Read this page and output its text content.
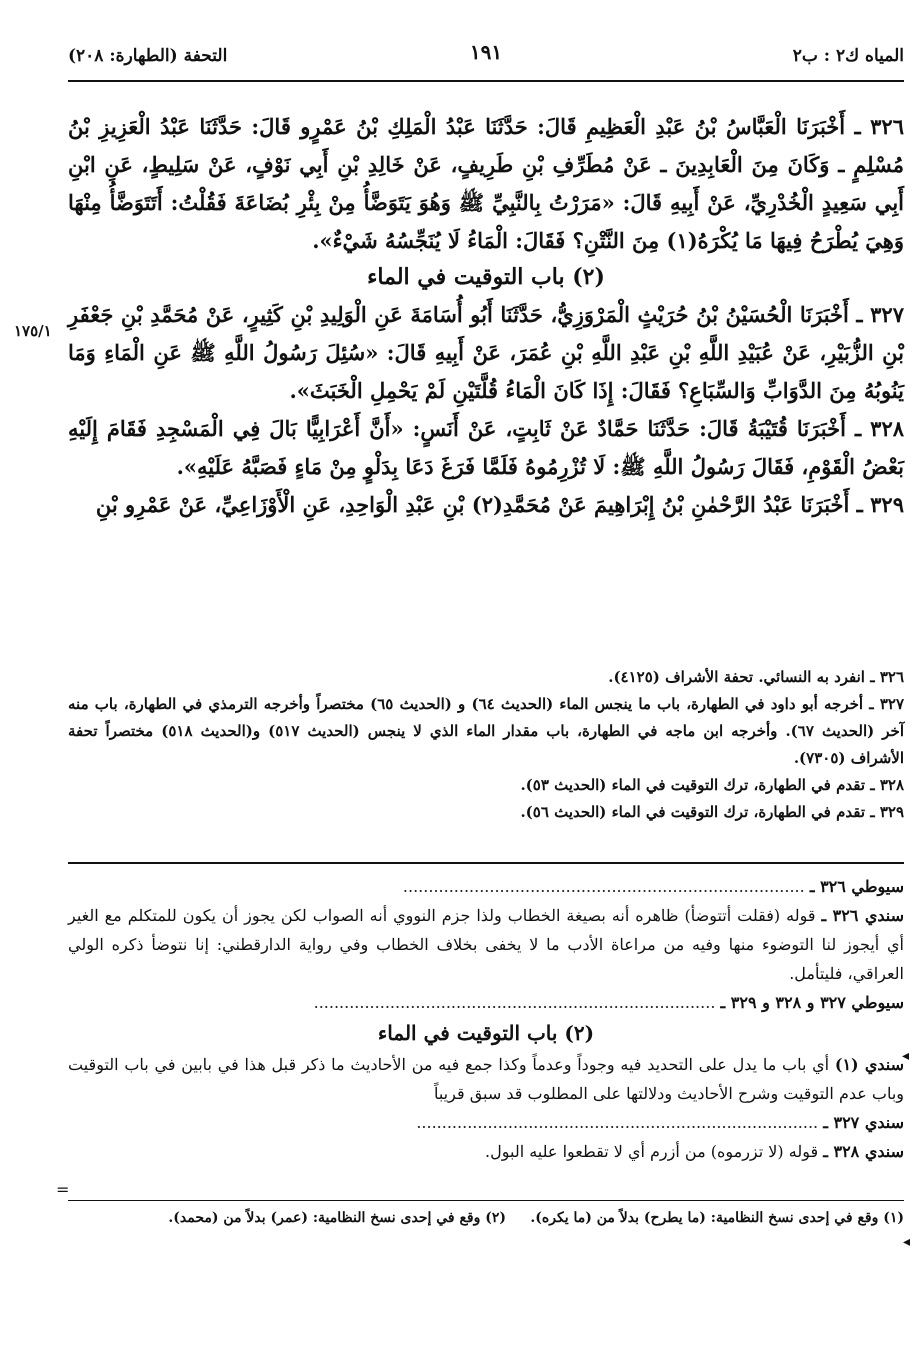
١٧٥/١
=
◂
◂
المياه ك٢ : ب٢
١٩١
التحفة (الطهارة: ٢٠٨)

٣٢٦ ـ أَخْبَرَنَا الْعَبَّاسُ بْنُ عَبْدِ الْعَظِيمِ قَالَ: حَدَّثَنَا عَبْدُ الْمَلِكِ بْنُ عَمْرٍو قَالَ: حَدَّثَنَا عَبْدُ الْعَزِيزِ بْنُ مُسْلِمٍ ـ وَكَانَ مِنَ الْعَابِدِينَ ـ عَنْ مُطَرِّفِ بْنِ طَرِيفٍ، عَنْ خَالِدِ بْنِ أَبِي نَوْفٍ، عَنْ سَلِيطٍ، عَنِ ابْنِ أَبِي سَعِيدٍ الْخُدْرِيِّ، عَنْ أَبِيهِ قَالَ: «مَرَرْتُ بِالنَّبِيِّ ﷺ وَهُوَ يَتَوَضَّأُ مِنْ بِئْرِ بُضَاعَةَ فَقُلْتُ: أَتَتَوَضَّأُ مِنْهَا وَهِيَ يُطْرَحُ فِيهَا مَا يُكْرَهُ(١) مِنَ النَّتْنِ؟ فَقَالَ: الْمَاءُ لَا يُنَجِّسُهُ شَيْءٌ».

(٢) باب التوقيت في الماء

٣٢٧ ـ أَخْبَرَنَا الْحُسَيْنُ بْنُ حُرَيْثٍ الْمَرْوَزِيُّ، حَدَّثَنَا أَبُو أُسَامَةَ عَنِ الْوَلِيدِ بْنِ كَثِيرٍ، عَنْ مُحَمَّدِ بْنِ جَعْفَرِ بْنِ الزُّبَيْرِ، عَنْ عُبَيْدِ اللَّهِ بْنِ عَبْدِ اللَّهِ بْنِ عُمَرَ، عَنْ أَبِيهِ قَالَ: «سُئِلَ رَسُولُ اللَّهِ ﷺ عَنِ الْمَاءِ وَمَا يَنُوبُهُ مِنَ الدَّوَابِّ وَالسِّبَاعِ؟ فَقَالَ: إِذَا كَانَ الْمَاءُ قُلَّتَيْنِ لَمْ يَحْمِلِ الْخَبَثَ».

٣٢٨ ـ أَخْبَرَنَا قُتَيْبَةُ قَالَ: حَدَّثَنَا حَمَّادٌ عَنْ ثَابِتٍ، عَنْ أَنَسٍ: «أَنَّ أَعْرَابِيًّا بَالَ فِي الْمَسْجِدِ فَقَامَ إِلَيْهِ بَعْضُ الْقَوْمِ، فَقَالَ رَسُولُ اللَّهِ ﷺ: لَا تُزْرِمُوهُ فَلَمَّا فَرَغَ دَعَا بِدَلْوٍ مِنْ مَاءٍ فَصَبَّهُ عَلَيْهِ».

٣٢٩ ـ أَخْبَرَنَا عَبْدُ الرَّحْمٰنِ بْنُ إِبْرَاهِيمَ عَنْ مُحَمَّدِ(٢) بْنِ عَبْدِ الْوَاحِدِ، عَنِ الْأَوْزَاعِيِّ، عَنْ عَمْرِو بْنِ

٣٢٦ ـ انفرد به النسائي. تحفة الأشراف (٤١٢٥).

٣٢٧ ـ أخرجه أبو داود في الطهارة، باب ما ينجس الماء (الحديث ٦٤) و (الحديث ٦٥) مختصراً وأخرجه الترمذي في الطهارة، باب منه آخر (الحديث ٦٧). وأخرجه ابن ماجه في الطهارة، باب مقدار الماء الذي لا ينجس (الحديث ٥١٧) و(الحديث ٥١٨) مختصراً تحفة الأشراف (٧٣٠٥).

٣٢٨ ـ تقدم في الطهارة، ترك التوقيت في الماء (الحديث ٥٣).

٣٢٩ ـ تقدم في الطهارة، ترك التوقيت في الماء (الحديث ٥٦).

سيوطي ٣٢٦ ـ ...............................................................................

سندي ٣٢٦ ـ قوله (فقلت أتتوضأ) ظاهره أنه بصيغة الخطاب ولذا جزم النووي أنه الصواب لكن يجوز أن يكون للمتكلم مع الغير أي أيجوز لنا التوضوء منها وفيه من مراعاة الأدب ما لا يخفى بخلاف الخطاب وفي رواية الدارقطني: إنا نتوضأ ذكره الولي العراقي، فليتأمل.

سيوطي ٣٢٧ و ٣٢٨ و ٣٢٩ ـ ...............................................................................

(٢) باب التوقيت في الماء

سندي (١) أي باب ما يدل على التحديد فيه وجوداً وعدماً وكذا جمع فيه من الأحاديث ما ذكر قبل هذا في بابين في باب التوقيت وباب عدم التوقيت وشرح الأحاديث ودلالتها على المطلوب قد سبق قريباً

سندي ٣٢٧ ـ ...............................................................................

سندي ٣٢٨ ـ قوله (لا تزرموه) من أزرم أي لا تقطعوا عليه البول.

(١) وقع في إحدى نسخ النظامية: (ما يطرح) بدلاً من (ما يكره).     (٢) وقع في إحدى نسخ النظامية: (عمر) بدلاً من (محمد).
